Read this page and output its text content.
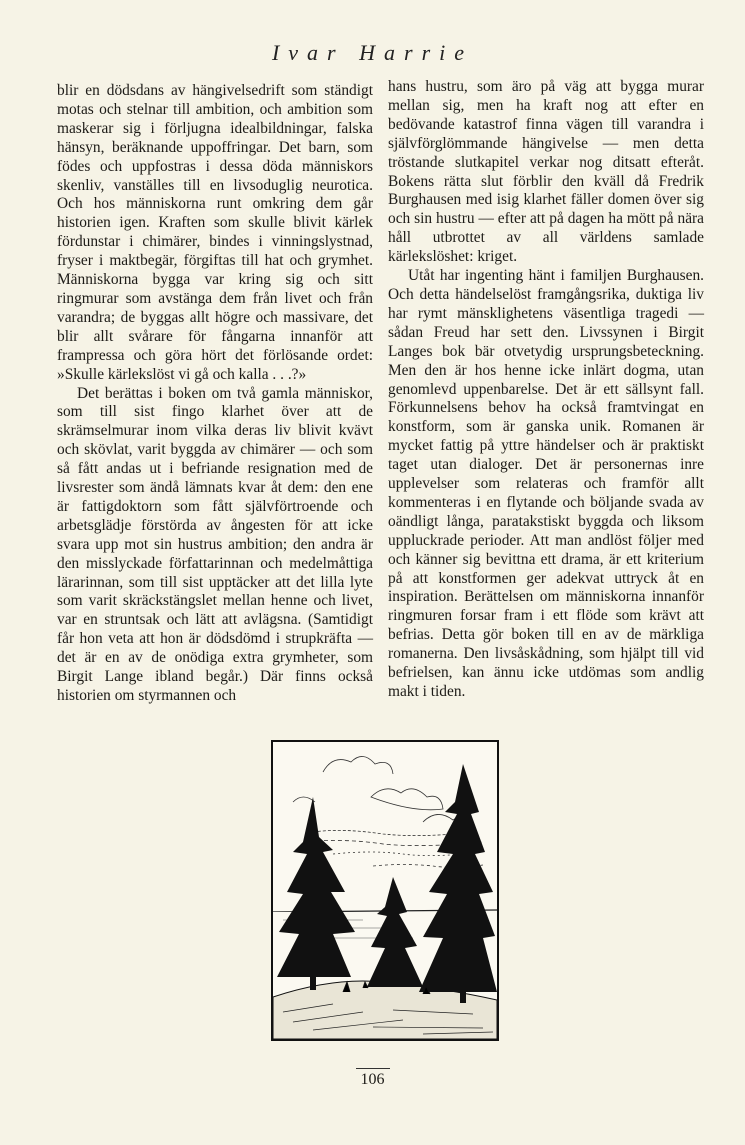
Ivar Harrie

blir en dödsdans av hängivelsedrift som ständigt motas och stelnar till ambition, och ambition som maskerar sig i förljugna idealbildningar, falska hänsyn, beräknande uppoffringar. Det barn, som födes och uppfostras i dessa döda människors skenliv, vanställes till en livsoduglig neurotica. Och hos människorna runt omkring dem går historien igen. Kraften som skulle blivit kärlek fördunstar i chimärer, bindes i vinningslystnad, fryser i maktbegär, förgiftas till hat och grymhet. Människorna bygga var kring sig och sitt ringmurar som avstänga dem från livet och från varandra; de byggas allt högre och massivare, det blir allt svårare för fångarna innanför att frampressa och göra hört det förlösande ordet: »Skulle kärlekslöst vi gå och kalla . . .?»

Det berättas i boken om två gamla människor, som till sist fingo klarhet över att de skrämselmurar inom vilka deras liv blivit kvävt och skövlat, varit byggda av chimärer — och som så fått andas ut i befriande resignation med de livsrester som ändå lämnats kvar åt dem: den ene är fattigdoktorn som fått självförtroende och arbetsglädje förstörda av ångesten för att icke svara upp mot sin hustrus ambition; den andra är den misslyckade författarinnan och medelmåttiga lärarinnan, som till sist upptäcker att det lilla lyte som varit skräckstängslet mellan henne och livet, var en struntsak och lätt att avlägsna. (Samtidigt får hon veta att hon är dödsdömd i strupkräfta — det är en av de onödiga extra grymheter, som Birgit Lange ibland begår.) Där finns också historien om styrmannen och

hans hustru, som äro på väg att bygga murar mellan sig, men ha kraft nog att efter en bedövande katastrof finna vägen till varandra i självförglömmande hängivelse — men detta tröstande slutkapitel verkar nog ditsatt efteråt. Bokens rätta slut förblir den kväll då Fredrik Burghausen med isig klarhet fäller domen över sig och sin hustru — efter att på dagen ha mött på nära håll utbrottet av all världens samlade kärlekslöshet: kriget.

Utåt har ingenting hänt i familjen Burghausen. Och detta händelselöst framgångsrika, duktiga liv har rymt mänsklighetens väsentliga tragedi — sådan Freud har sett den. Livssynen i Birgit Langes bok bär otvetydig ursprungsbeteckning. Men den är hos henne icke inlärt dogma, utan genomlevd uppenbarelse. Det är ett sällsynt fall. Förkunnelsens behov ha också framtvingat en konstform, som är ganska unik. Romanen är mycket fattig på yttre händelser och är praktiskt taget utan dialoger. Det är personernas inre upplevelser som relateras och framför allt kommenteras i en flytande och böljande svada av oändligt långa, paratakstiskt byggda och liksom uppluckrade perioder. Att man andlöst följer med och känner sig bevittna ett drama, är ett kriterium på att konstformen ger adekvat uttryck åt en inspiration. Berättelsen om människorna innanför ringmuren forsar fram i ett flöde som krävt att befrias. Detta gör boken till en av de märkliga romanerna. Den livsåskådning, som hjälpt till vid befrielsen, kan ännu icke utdömas som andlig makt i tiden.

106
